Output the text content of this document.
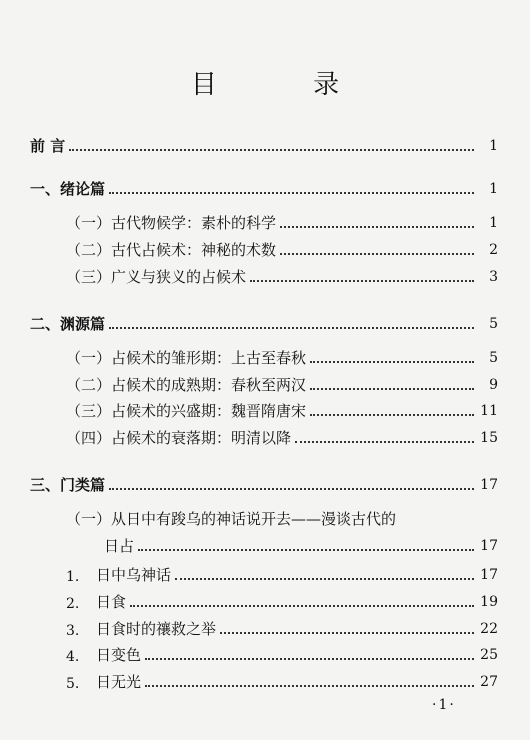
目 录
前 言	1
一、绪论篇	1
（一）古代物候学：素朴的科学	1
（二）古代占候术：神秘的术数	2
（三）广义与狭义的占候术	3
二、渊源篇	5
（一）占候术的雏形期：上古至春秋	5
（二）占候术的成熟期：春秋至两汉	9
（三）占候术的兴盛期：魏晋隋唐宋	11
（四）占候术的衰落期：明清以降	15
三、门类篇	17
（一）从日中有踆乌的神话说开去——漫谈古代的
日占	17
1.	日中乌神话	17
2.	日食	19
3.	日食时的禳救之举	22
4.	日变色	25
5.	日无光	27
·1·
